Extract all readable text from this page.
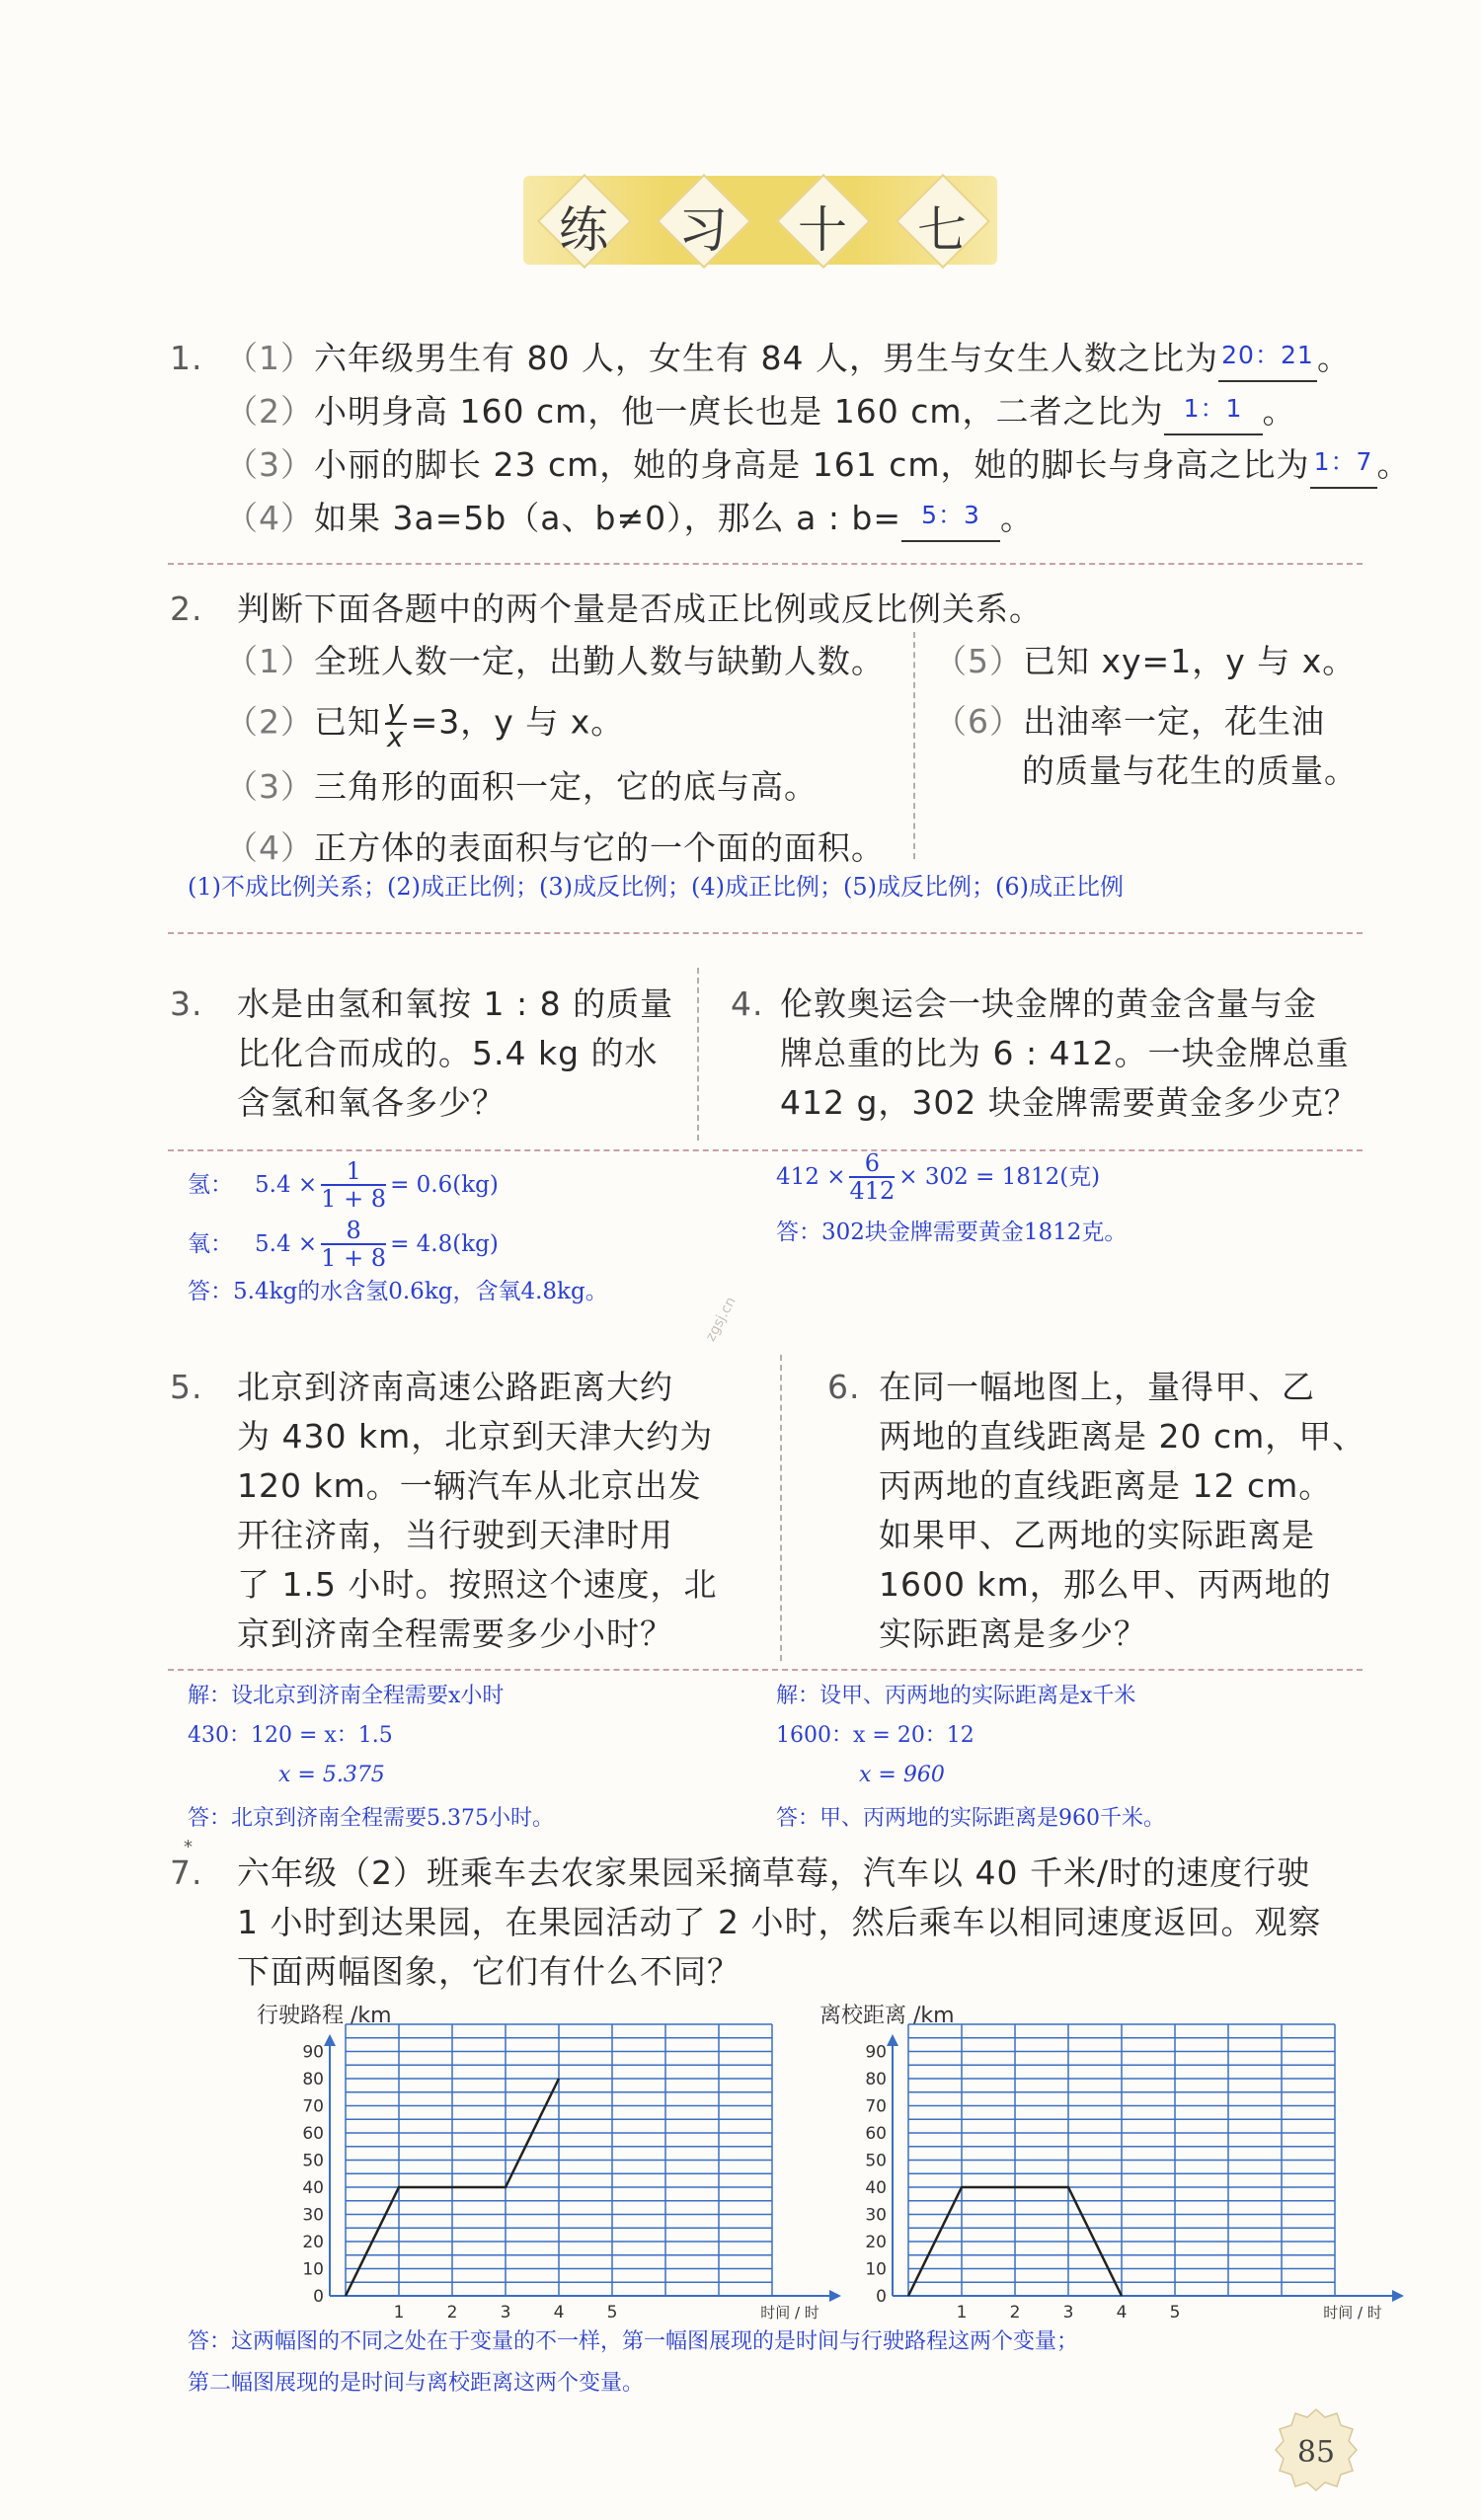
练 习 十 七
1. （1）六年级男生有 80 人，女生有 84 人，男生与女生人数之比为 20：21。
（2）小明身高 160 cm，他一庹长也是 160 cm，二者之比为 1：1 。
（3）小丽的脚长 23 cm，她的身高是 161 cm，她的脚长与身高之比为 1：7 。
（4）如果 3a=5b（a、b≠0），那么 a : b= 5：3 。
2. 判断下面各题中的两个量是否成正比例或反比例关系。
（1）全班人数一定，出勤人数与缺勤人数。
（2）已知 $\frac{y}{x} =3$，y 与 x。
（3）三角形的面积一定，它的底与高。
（4）正方体的表面积与它的一个面的面积。
（5）已知 xy=1，y 与 x。
（6）出油率一定，花生油
的质量与花生的质量。
(1)不成比例关系；(2)成正比例；(3)成反比例；(4)成正比例；(5)成反比例；(6)成正比例
3. 水是由氢和氧按 1 : 8 的质量
比化合而成的。5.4 kg 的水
含氢和氧各多少？
4. 伦敦奥运会一块金牌的黄金含量与金
牌总重的比为 6 : 412。一块金牌总重
412 g，302 块金牌需要黄金多少克？
氢： $5.4 \times \frac{1}{1 + 8} = 0.6(kg)$
氧： $5.4 \times \frac{8}{1 + 8} = 4.8(kg)$
答：5.4kg的水含氢0.6kg，含氧4.8kg。
$412 \times \frac{6}{412} \times 302 = 1812$(克)
答：302块金牌需要黄金1812克。
zgsj.cn
5. 北京到济南高速公路距离大约
为 430 km，北京到天津大约为
120 km。一辆汽车从北京出发
开往济南，当行驶到天津时用
了 1.5 小时。按照这个速度，北
京到济南全程需要多少小时？
6. 在同一幅地图上，量得甲、乙
两地的直线距离是 20 cm，甲、
丙两地的直线距离是 12 cm。
如果甲、乙两地的实际距离是
1600 km，那么甲、丙两地的
实际距离是多少？
解：设北京到济南全程需要x小时
430：120 = x：1.5
x = 5.375
答：北京到济南全程需要5.375小时。
解：设甲、丙两地的实际距离是x千米
1600：x = 20：12
x = 960
答：甲、丙两地的实际距离是960千米。
7.
*
六年级（2）班乘车去农家果园采摘草莓，汽车以 40 千米/时的速度行驶
1 小时到达果园，在果园活动了 2 小时，然后乘车以相同速度返回。观察
下面两幅图象，它们有什么不同？
行驶路程 /km
0
10
20
30
40
50
60
70
80
90
1	2	3	4	5	时间 / 时
离校距离 /km
0
10
20
30
40
50
60
70
80
90
1	2	3	4	5	时间 / 时
答：这两幅图的不同之处在于变量的不一样，第一幅图展现的是时间与行驶路程这两个变量；
第二幅图展现的是时间与离校距离这两个变量。
85
